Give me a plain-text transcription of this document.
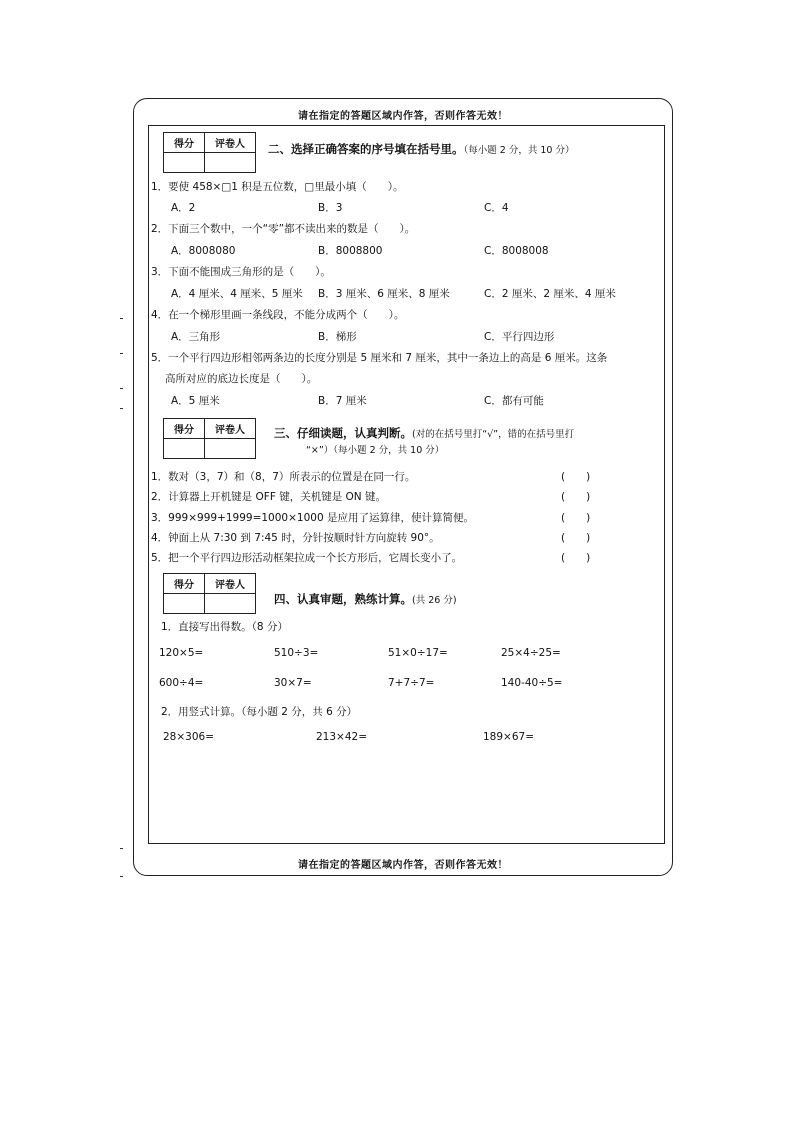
请在指定的答题区域内作答，否则作答无效！
得分	评卷人
	二、选择正确答案的序号填在括号里。（每小题 2 分，共 10 分）
1．要使 458×□1 积是五位数，□里最小填（　　）。
A．2	B．3	C．4
2．下面三个数中，一个“零”都不读出来的数是（　　）。
A．8008080	B．8008800	C．8008008
3．下面不能围成三角形的是（　　）。
A．4 厘米、4 厘米、5 厘米 B．3 厘米、6 厘米、8 厘米	C．2 厘米、2 厘米、4 厘米
4．在一个梯形里画一条线段，不能分成两个（　　）。
A．三角形	B．梯形	C．平行四边形
5．一个平行四边形相邻两条边的长度分别是 5 厘米和 7 厘米，其中一条边上的高是 6 厘米。这条
高所对应的底边长度是（　　）。
A．5 厘米	B．7 厘米	C．都有可能
得分	评卷人
		三、仔细读题，认真判断。(对的在括号里打“√”，错的在括号里打
“×”）（每小题 2 分，共 10 分）
1．数对（3，7）和（8，7）所表示的位置是在同一行。	(　　)
2．计算器上开机键是 OFF 键，关机键是 ON 键。	(　　)
3．999×999+1999=1000×1000 是应用了运算律，使计算简便。	(　　)
4．钟面上从 7:30 到 7:45 时，分针按顺时针方向旋转 90°。	(　　)
5．把一个平行四边形活动框架拉成一个长方形后，它周长变小了。	(　　)
得分	评卷人

四、认真审题，熟练计算。(共 26 分)
1．直接写出得数。（8 分）
120×5=	510÷3=	51×0÷17=	25×4÷25=
600÷4=	30×7=	7+7÷7=	140-40÷5=
2．用竖式计算。（每小题 2 分，共 6 分）
28×306=	213×42=	189×67=
请在指定的答题区域内作答，否则作答无效！
